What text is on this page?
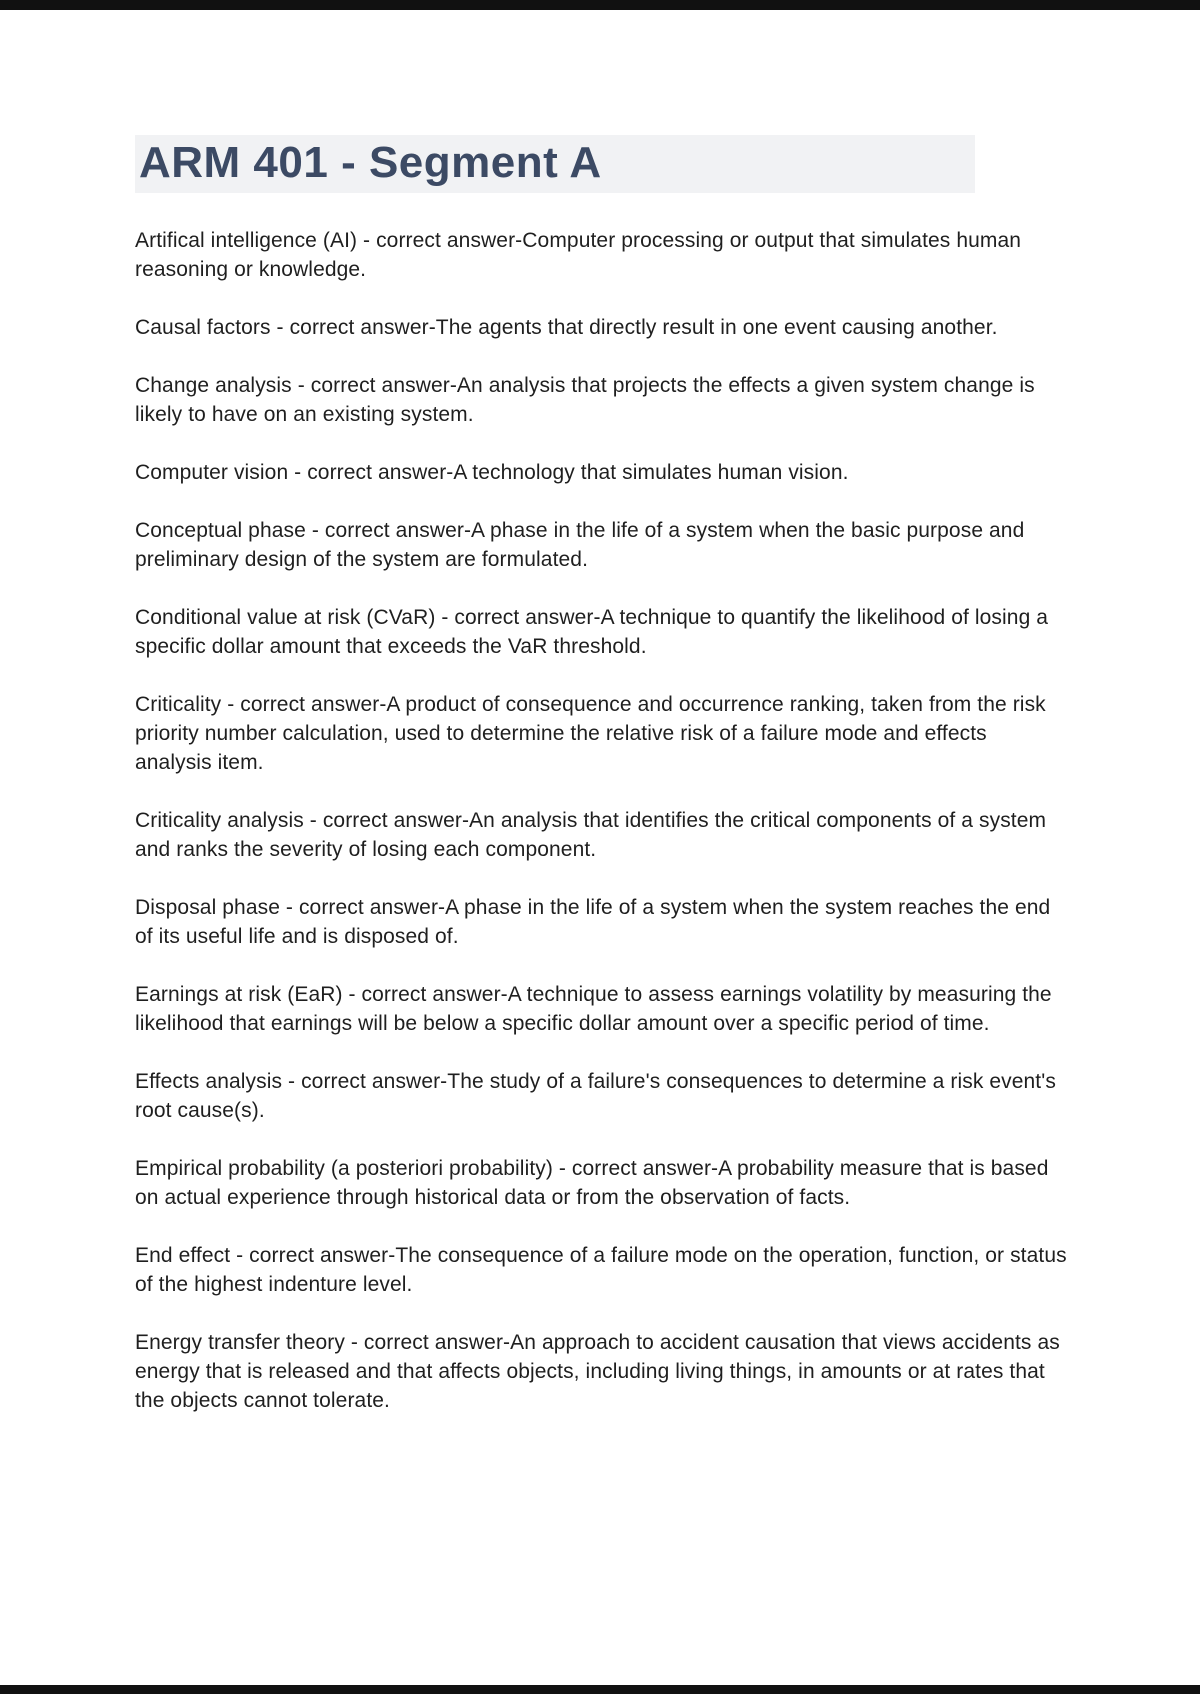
ARM 401 - Segment A

Artifical intelligence (AI) - correct answer-Computer processing or output that simulates human reasoning or knowledge.

Causal factors - correct answer-The agents that directly result in one event causing another.

Change analysis - correct answer-An analysis that projects the effects a given system change is likely to have on an existing system.

Computer vision - correct answer-A technology that simulates human vision.

Conceptual phase - correct answer-A phase in the life of a system when the basic purpose and preliminary design of the system are formulated.

Conditional value at risk (CVaR) - correct answer-A technique to quantify the likelihood of losing a specific dollar amount that exceeds the VaR threshold.

Criticality - correct answer-A product of consequence and occurrence ranking, taken from the risk priority number calculation, used to determine the relative risk of a failure mode and effects analysis item.

Criticality analysis - correct answer-An analysis that identifies the critical components of a system and ranks the severity of losing each component.

Disposal phase - correct answer-A phase in the life of a system when the system reaches the end of its useful life and is disposed of.

Earnings at risk (EaR) - correct answer-A technique to assess earnings volatility by measuring the likelihood that earnings will be below a specific dollar amount over a specific period of time.

Effects analysis - correct answer-The study of a failure's consequences to determine a risk event's root cause(s).

Empirical probability (a posteriori probability) - correct answer-A probability measure that is based on actual experience through historical data or from the observation of facts.

End effect - correct answer-The consequence of a failure mode on the operation, function, or status of the highest indenture level.

Energy transfer theory - correct answer-An approach to accident causation that views accidents as energy that is released and that affects objects, including living things, in amounts or at rates that the objects cannot tolerate.
